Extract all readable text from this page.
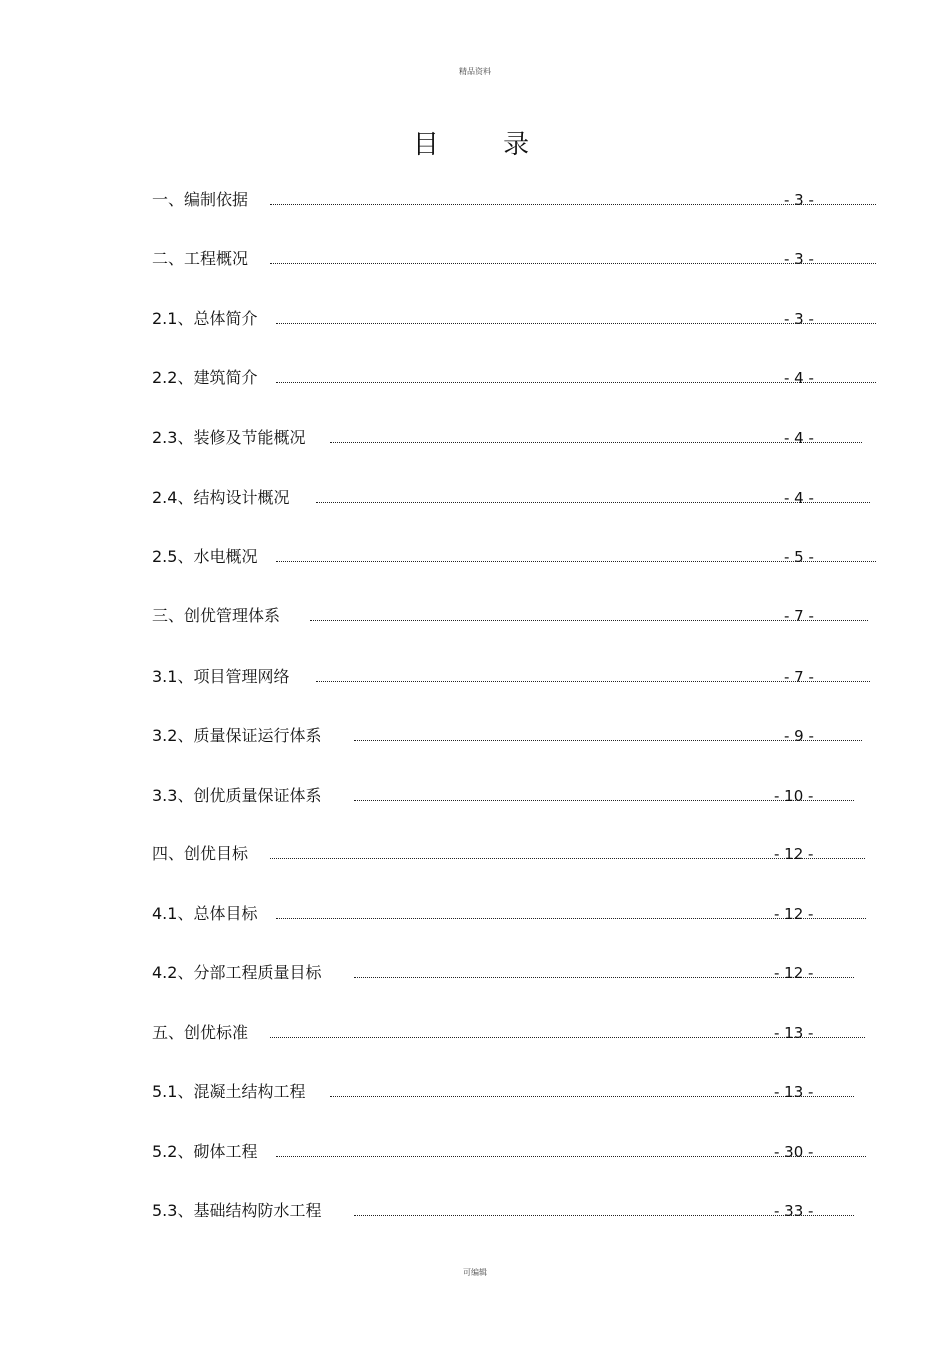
精品资料
目 录
一、编制依据	- 3 -
二、工程概况	- 3 -
2.1、总体简介	- 3 -
2.2、建筑简介	- 4 -
2.3、装修及节能概况	- 4 -
2.4、结构设计概况	- 4 -
2.5、水电概况	- 5 -
三、创优管理体系	- 7 -
3.1、项目管理网络	- 7 -
3.2、质量保证运行体系	- 9 -
3.3、创优质量保证体系	- 10 -
四、创优目标	- 12 -
4.1、总体目标	- 12 -
4.2、分部工程质量目标	- 12 -
五、创优标准	- 13 -
5.1、混凝土结构工程	- 13 -
5.2、砌体工程	- 30 -
5.3、基础结构防水工程	- 33 -
可编辑
